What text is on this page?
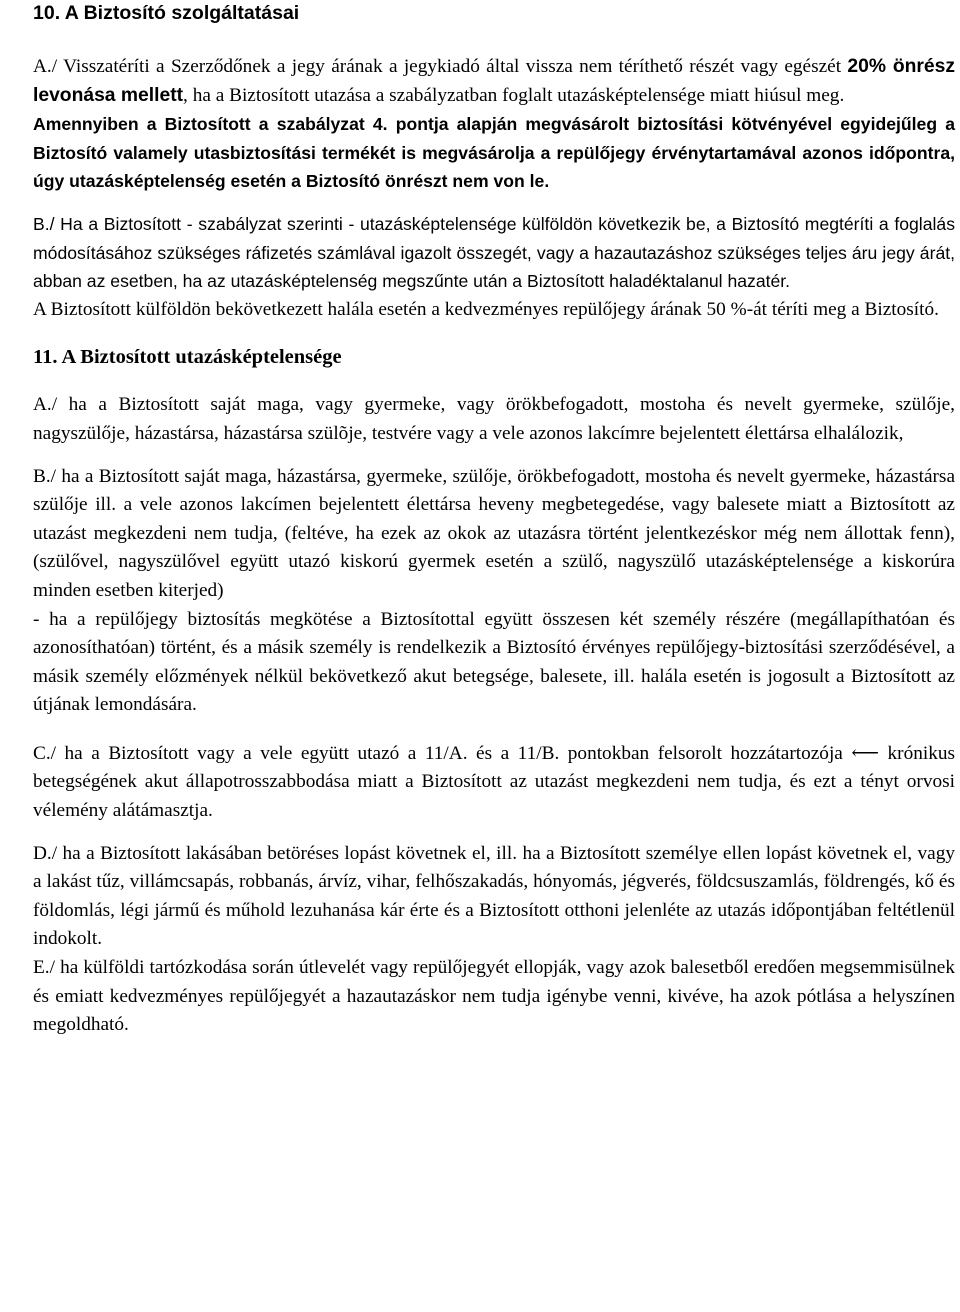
10. A Biztosító szolgáltatásai

A./ Visszatéríti a Szerződőnek a jegy árának a jegykiadó által vissza nem téríthető részét vagy egészét 20% önrész levonása mellett, ha a Biztosított utazása a szabályzatban foglalt utazásképtelensége miatt hiúsul meg.

Amennyiben a Biztosított a szabályzat 4. pontja alapján megvásárolt biztosítási kötvényével egyidejűleg a Biztosító valamely utasbiztosítási termékét is megvásárolja a repülőjegy érvénytartamával azonos időpontra, úgy utazásképtelenség esetén a Biztosító önrészt nem von le.

B./ Ha a Biztosított - szabályzat szerinti - utazásképtelensége külföldön következik be, a Biztosító megtéríti a foglalás módosításához szükséges ráfizetés számlával igazolt összegét, vagy a hazautazáshoz szükséges teljes áru jegy árát, abban az esetben, ha az utazásképtelenség megszűnte után a Biztosított haladéktalanul hazatér.

A Biztosított külföldön bekövetkezett halála esetén a kedvezményes repülőjegy árának 50 %-át téríti meg a Biztosító.

11. A Biztosított utazásképtelensége

A./ ha a Biztosított saját maga, vagy gyermeke, vagy örökbefogadott, mostoha és nevelt gyermeke, szülője, nagyszülője, házastársa, házastársa szülõje, testvére vagy a vele azonos lakcímre bejelentett élettársa elhalálozik,

B./ ha a Biztosított saját maga, házastársa, gyermeke, szülője, örökbefogadott, mostoha és nevelt gyermeke, házastársa szülője ill. a vele azonos lakcímen bejelentett élettársa heveny megbetegedése, vagy balesete miatt a Biztosított az utazást megkezdeni nem tudja, (feltéve, ha ezek az okok az utazásra történt jelentkezéskor még nem állottak fenn),(szülővel, nagyszülővel együtt utazó kiskorú gyermek esetén a szülő, nagyszülő utazásképtelensége a kiskorúra minden esetben kiterjed)

- ha a repülőjegy biztosítás megkötése a Biztosítottal együtt összesen két személy részére (megállapíthatóan és azonosíthatóan) történt, és a másik személy is rendelkezik a Biztosító érvényes repülőjegy-biztosítási szerződésével, a másik személy előzmények nélkül bekövetkező akut betegsége, balesete, ill. halála esetén is jogosult a Biztosított az útjának lemondására.

C./ ha a Biztosított vagy a vele együtt utazó a 11/A. és a 11/B. pontokban felsorolt hozzátartozója ⟵ krónikus betegségének akut állapotrosszabbodása miatt a Biztosított az utazást megkezdeni nem tudja, és ezt a tényt orvosi vélemény alátámasztja.

D./ ha a Biztosított lakásában betöréses lopást követnek el, ill. ha a Biztosított személye ellen lopást követnek el, vagy a lakást tűz, villámcsapás, robbanás, árvíz, vihar, felhőszakadás, hónyomás, jégverés, földcsuszamlás, földrengés, kő és földomlás, légi jármű és műhold lezuhanása kár érte és a Biztosított otthoni jelenléte az utazás időpontjában feltétlenül indokolt.

E./ ha külföldi tartózkodása során útlevelét vagy repülőjegyét ellopják, vagy azok balesetből eredően megsemmisülnek és emiatt kedvezményes repülőjegyét a hazautazáskor nem tudja igénybe venni, kivéve, ha azok pótlása a helyszínen megoldható.
